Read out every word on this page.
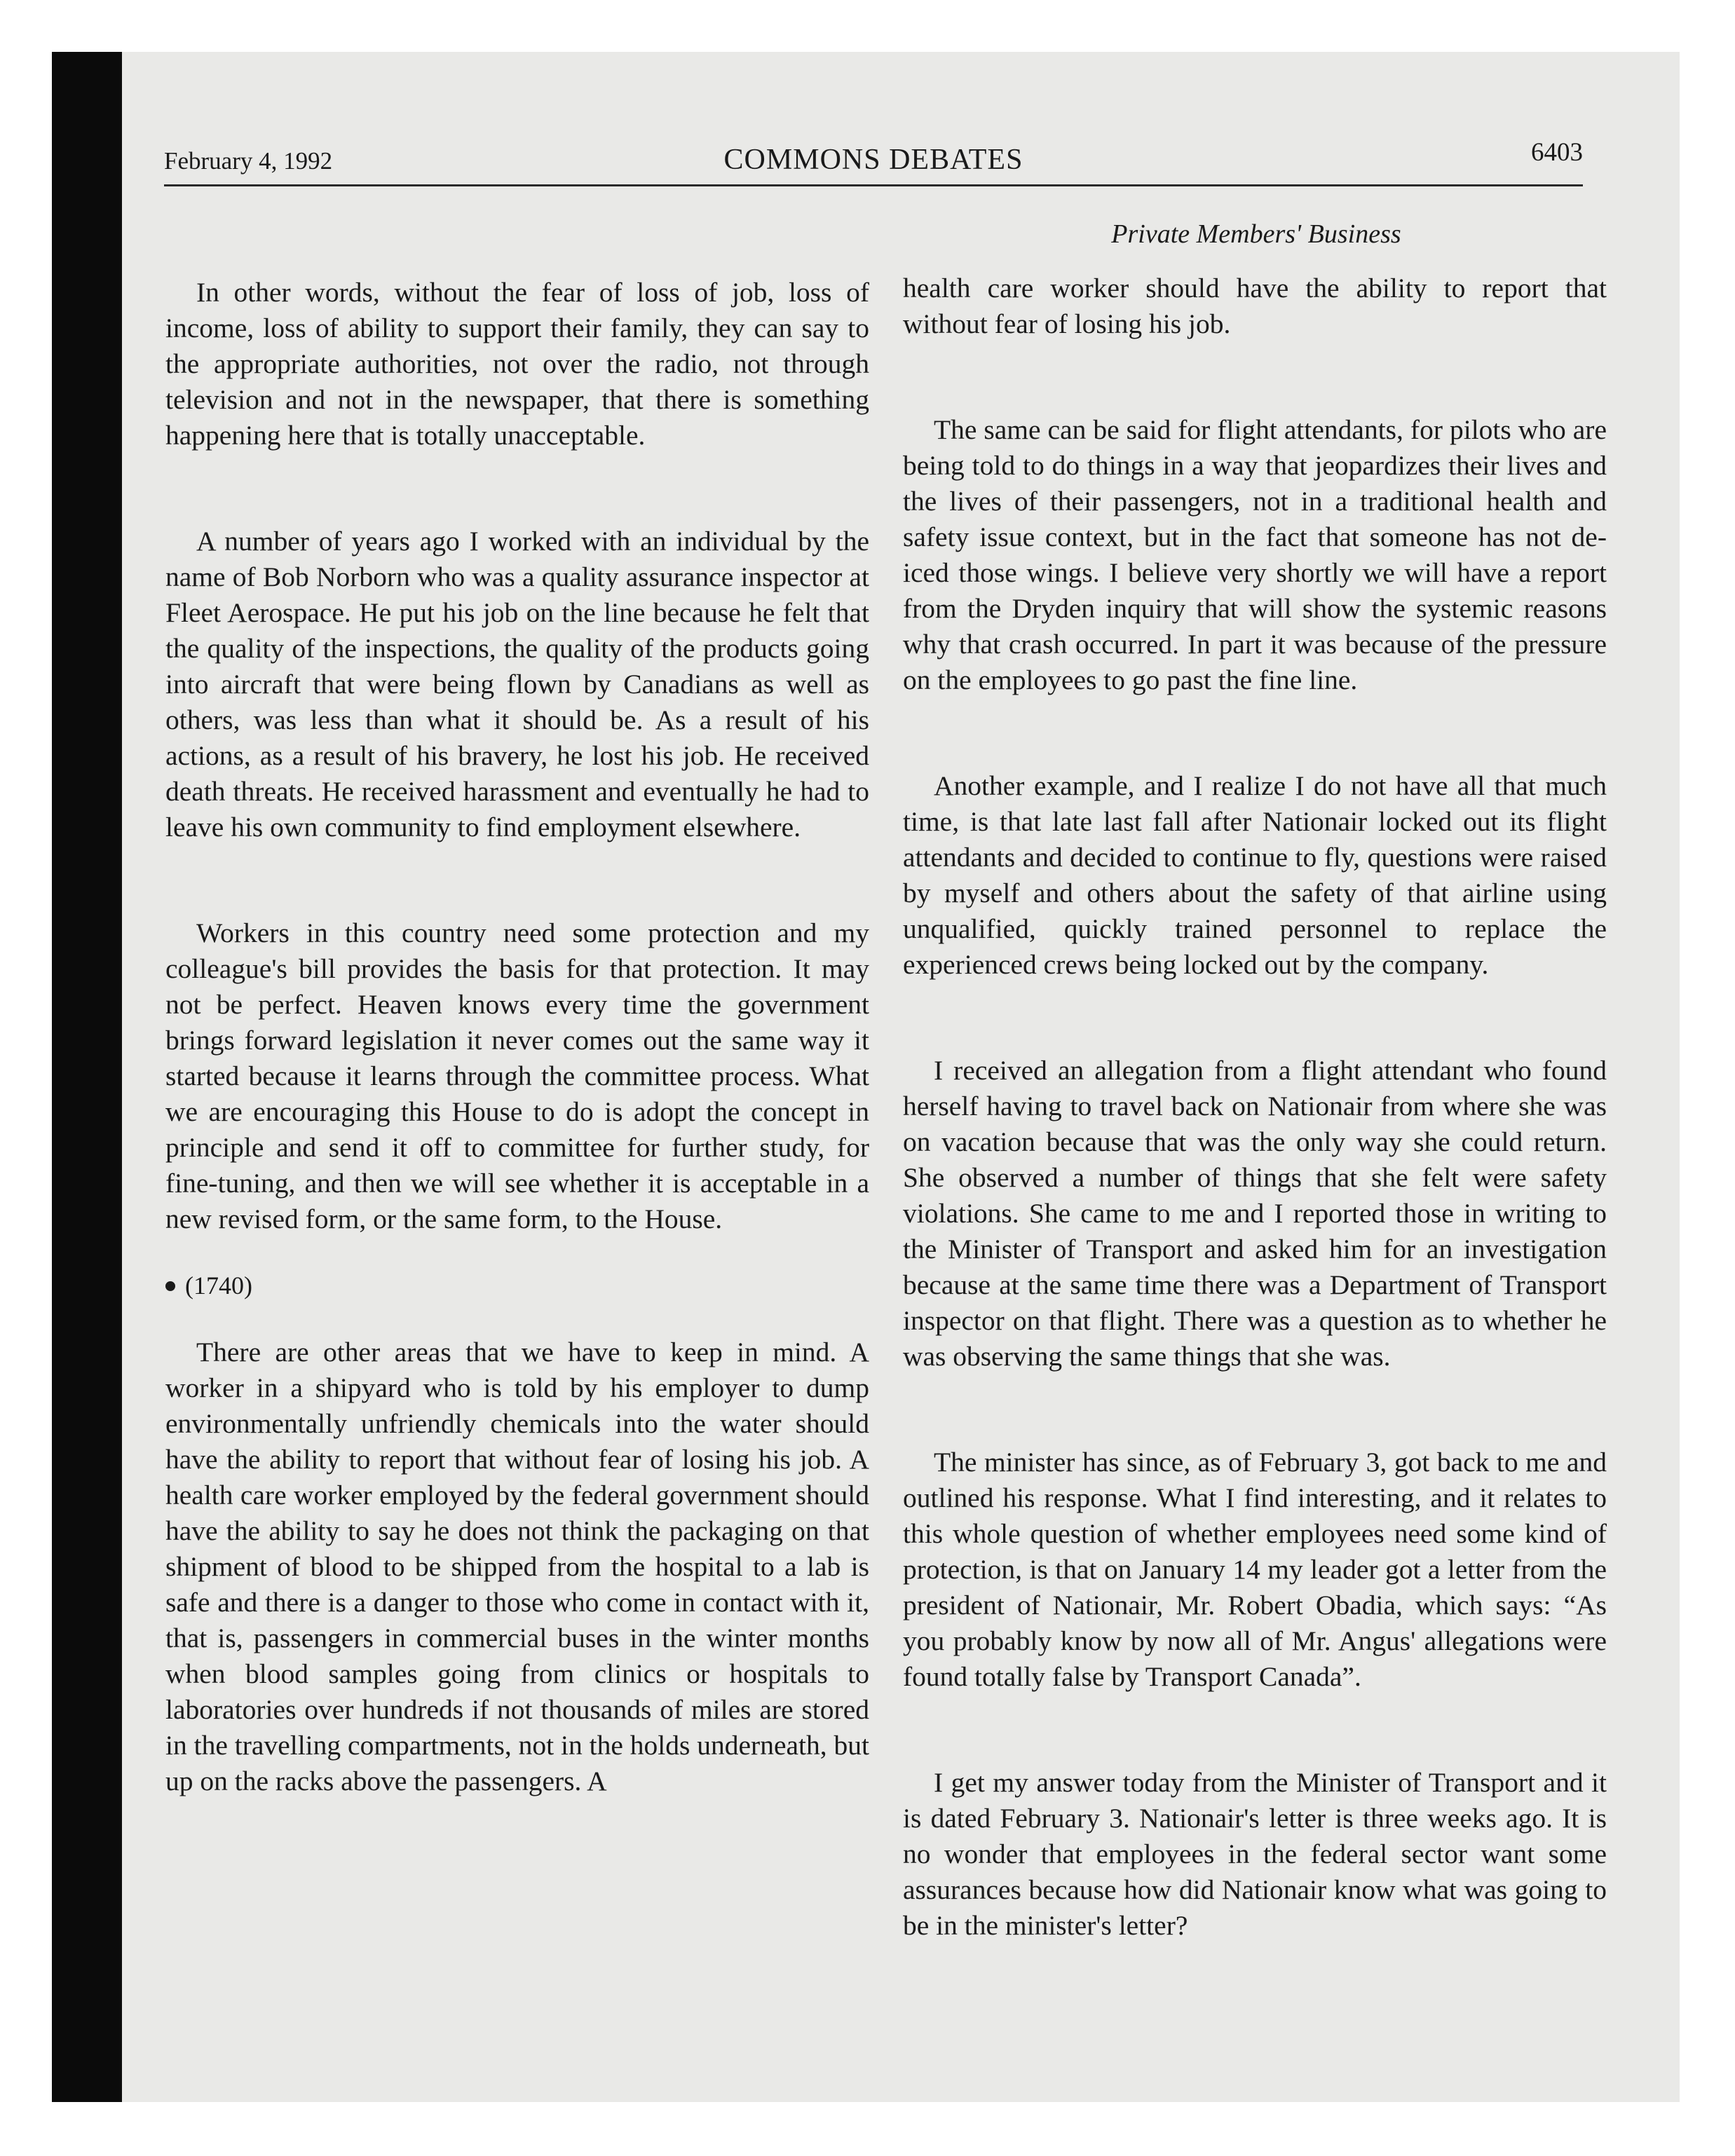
February 4, 1992	COMMONS DEBATES	6403
Private Members' Business

In other words, without the fear of loss of job, loss of income, loss of ability to support their family, they can say to the appropriate authorities, not over the radio, not through television and not in the newspaper, that there is something happening here that is totally unacceptable.

A number of years ago I worked with an individual by the name of Bob Norborn who was a quality assurance inspector at Fleet Aerospace. He put his job on the line because he felt that the quality of the inspections, the quality of the products going into aircraft that were being flown by Canadians as well as others, was less than what it should be. As a result of his actions, as a result of his bravery, he lost his job. He received death threats. He received harassment and eventually he had to leave his own community to find employment elsewhere.

Workers in this country need some protection and my colleague's bill provides the basis for that protection. It may not be perfect. Heaven knows every time the government brings forward legislation it never comes out the same way it started because it learns through the committee process. What we are encouraging this House to do is adopt the concept in principle and send it off to committee for further study, for fine-tuning, and then we will see whether it is acceptable in a new revised form, or the same form, to the House.

(1740)

There are other areas that we have to keep in mind. A worker in a shipyard who is told by his employer to dump environmentally unfriendly chemicals into the water should have the ability to report that without fear of losing his job. A health care worker employed by the federal government should have the ability to say he does not think the packaging on that shipment of blood to be shipped from the hospital to a lab is safe and there is a danger to those who come in contact with it, that is, passengers in commercial buses in the winter months when blood samples going from clinics or hospitals to laboratories over hundreds if not thousands of miles are stored in the travelling compartments, not in the holds underneath, but up on the racks above the passengers. A

health care worker should have the ability to report that without fear of losing his job.

The same can be said for flight attendants, for pilots who are being told to do things in a way that jeopardizes their lives and the lives of their passengers, not in a traditional health and safety issue context, but in the fact that someone has not de-iced those wings. I believe very shortly we will have a report from the Dryden inquiry that will show the systemic reasons why that crash occurred. In part it was because of the pressure on the employees to go past the fine line.

Another example, and I realize I do not have all that much time, is that late last fall after Nationair locked out its flight attendants and decided to continue to fly, questions were raised by myself and others about the safety of that airline using unqualified, quickly trained personnel to replace the experienced crews being locked out by the company.

I received an allegation from a flight attendant who found herself having to travel back on Nationair from where she was on vacation because that was the only way she could return. She observed a number of things that she felt were safety violations. She came to me and I reported those in writing to the Minister of Transport and asked him for an investigation because at the same time there was a Department of Transport inspector on that flight. There was a question as to whether he was observing the same things that she was.

The minister has since, as of February 3, got back to me and outlined his response. What I find interesting, and it relates to this whole question of whether employees need some kind of protection, is that on January 14 my leader got a letter from the president of Nationair, Mr. Robert Obadia, which says: “As you probably know by now all of Mr. Angus' allegations were found totally false by Transport Canada”.

I get my answer today from the Minister of Transport and it is dated February 3. Nationair's letter is three weeks ago. It is no wonder that employees in the federal sector want some assurances because how did Nationair know what was going to be in the minister's letter?
